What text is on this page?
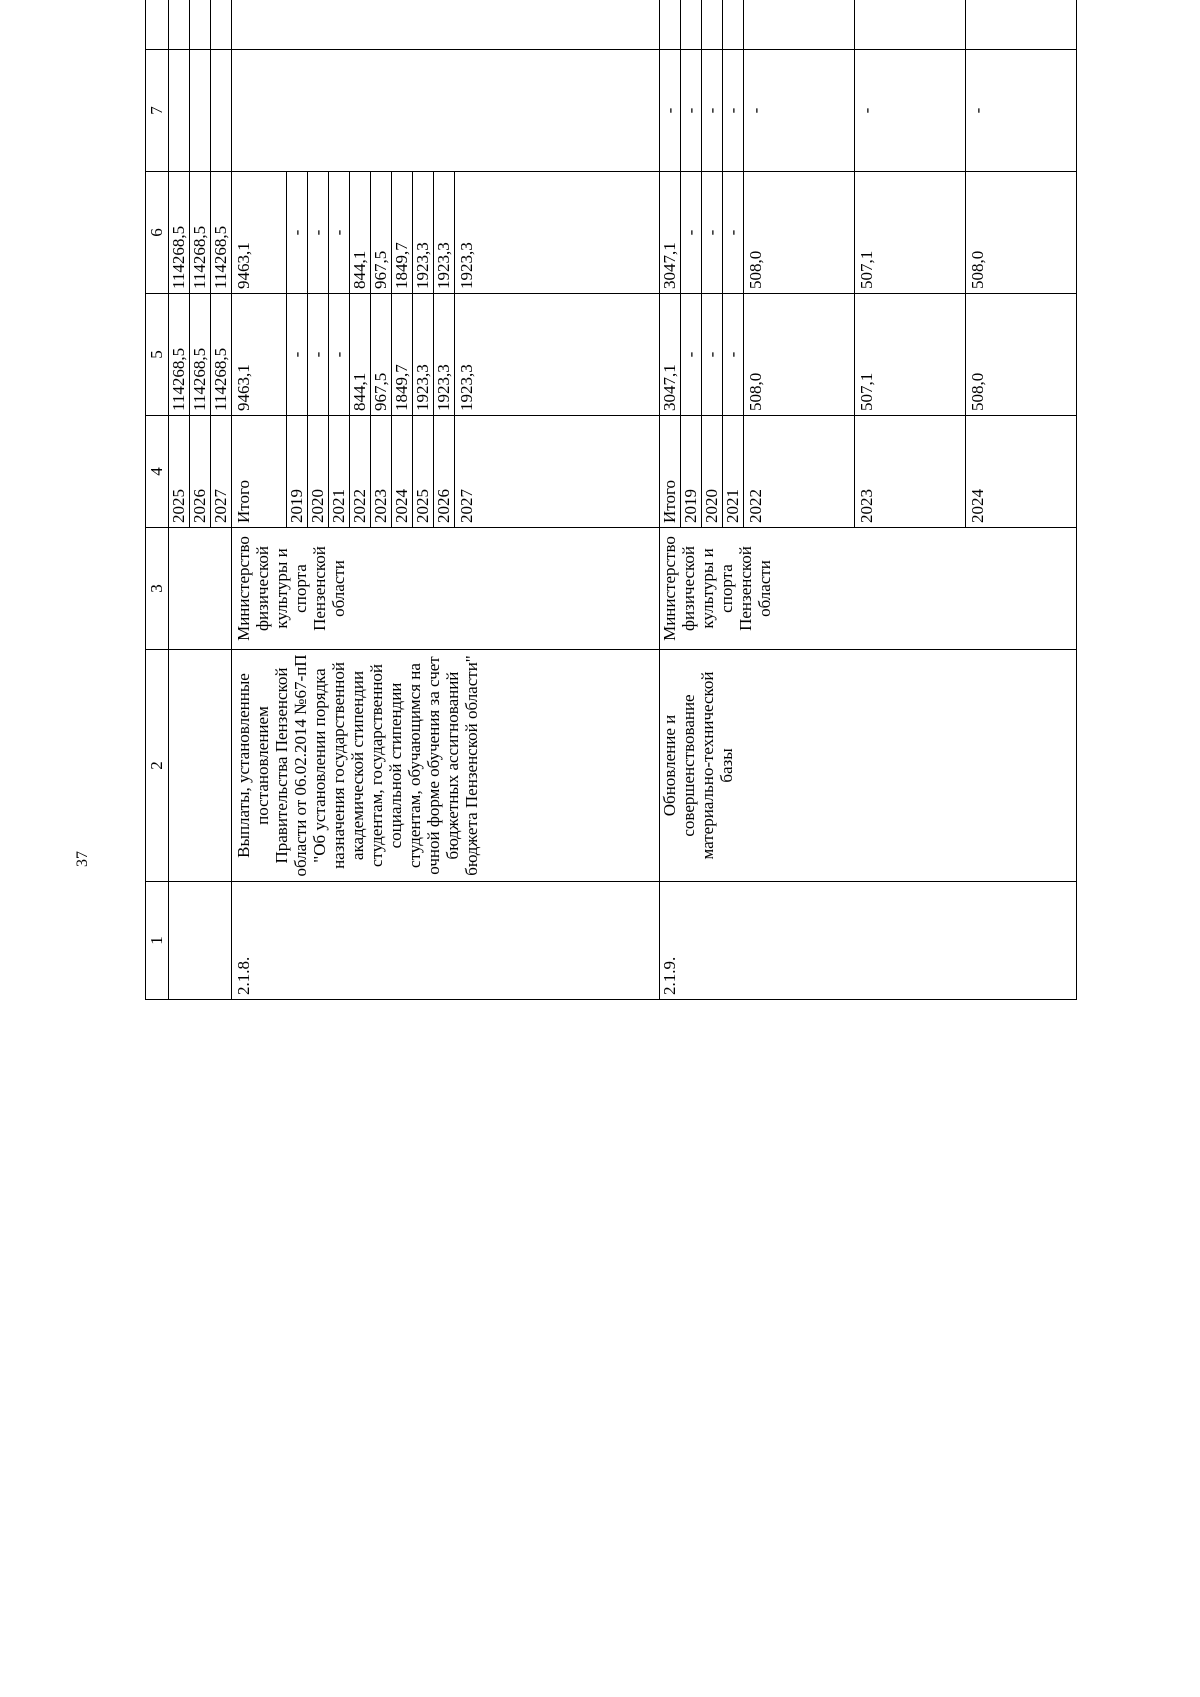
37
1	2	3	4	5	6	7				
			2025	114268,5	114268,5					
			2026	114268,5	114268,5				
			2027	114268,5	114268,5				
2.1.8.	Выплаты, установленные постановлением Правительства Пензенской области от 06.02.2014 №67-пП "Об установлении порядка назначения государственной академической стипендии студентам, государственной социальной стипендии студентам, обучающимся на очной форме обучения за счет бюджетных ассигнований бюджета Пензенской области"	Министерство физической культуры и спорта Пензенской области	Итого	9463,1	9463,1					
			2019	-	-	
			2020	-	-	
			2021	-	-	
			2022	844,1	844,1	
			2023	967,5	967,5	
			2024	1849,7	1849,7	
			2025	1923,3	1923,3	
			2026	1923,3	1923,3	
			2027	1923,3	1923,3	
2.1.9.	Обновление и совершенствование материально-технической базы	Министерство физической культуры и спорта Пензенской области	Итого	3047,1	3047,1	-				
			2019	-	-	-			
			2020	-	-	-			
			2021	-	-	-			
			2022	508,0	508,0	-			
			2023	507,1	507,1	-			
			2024	508,0	508,0	-			
